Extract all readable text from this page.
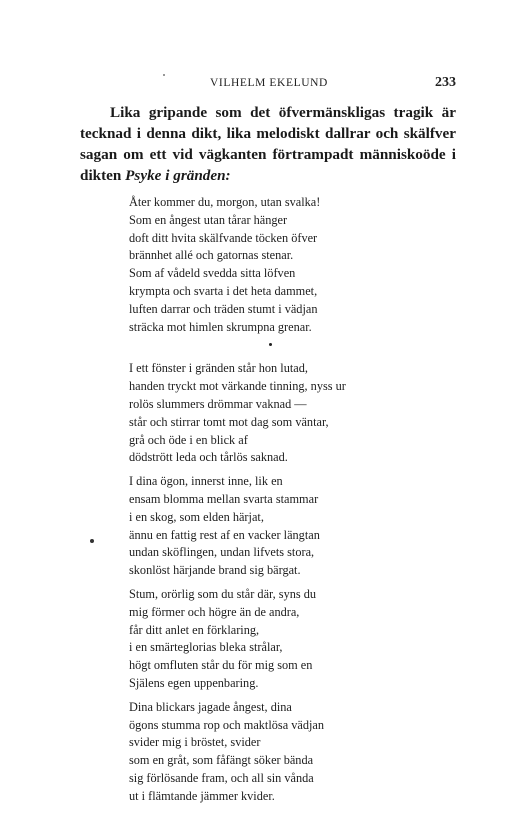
VILHELM EKELUND	233
Lika gripande som det öfvermänskligas tragik är
tecknad i denna dikt, lika melodiskt dallrar och skälfver
sagan om ett vid vägkanten förtrampadt människoöde i
dikten Psyke i gränden:
Åter kommer du, morgon, utan svalka!
Som en ångest utan tårar hänger
doft ditt hvita skälfvande töcken öfver
brännhet allé och gatornas stenar.
Som af vådeld svedda sitta löfven
krympta och svarta i det heta dammet,
luften darrar och träden stumt i vädjan
sträcka mot himlen skrumpna grenar.
I ett fönster i gränden står hon lutad,
handen tryckt mot värkande tinning, nyss ur
rolös slummers drömmar vaknad —
står och stirrar tomt mot dag som väntar,
grå och öde i en blick af
dödstrött leda och tårlös saknad.
I dina ögon, innerst inne, lik en
ensam blomma mellan svarta stammar
i en skog, som elden härjat,
ännu en fattig rest af en vacker längtan
undan sköflingen, undan lifvets stora,
skonlöst härjande brand sig bärgat.
Stum, orörlig som du står där, syns du
mig förmer och högre än de andra,
får ditt anlet en förklaring,
i en smärteglorias bleka strålar,
högt omfluten står du för mig som en
Själens egen uppenbaring.
Dina blickars jagade ångest, dina
ögons stumma rop och maktlösa vädjan
svider mig i bröstet, svider
som en gråt, som fåfängt söker bända
sig förlösande fram, och all sin vånda
ut i flämtande jämmer kvider.
